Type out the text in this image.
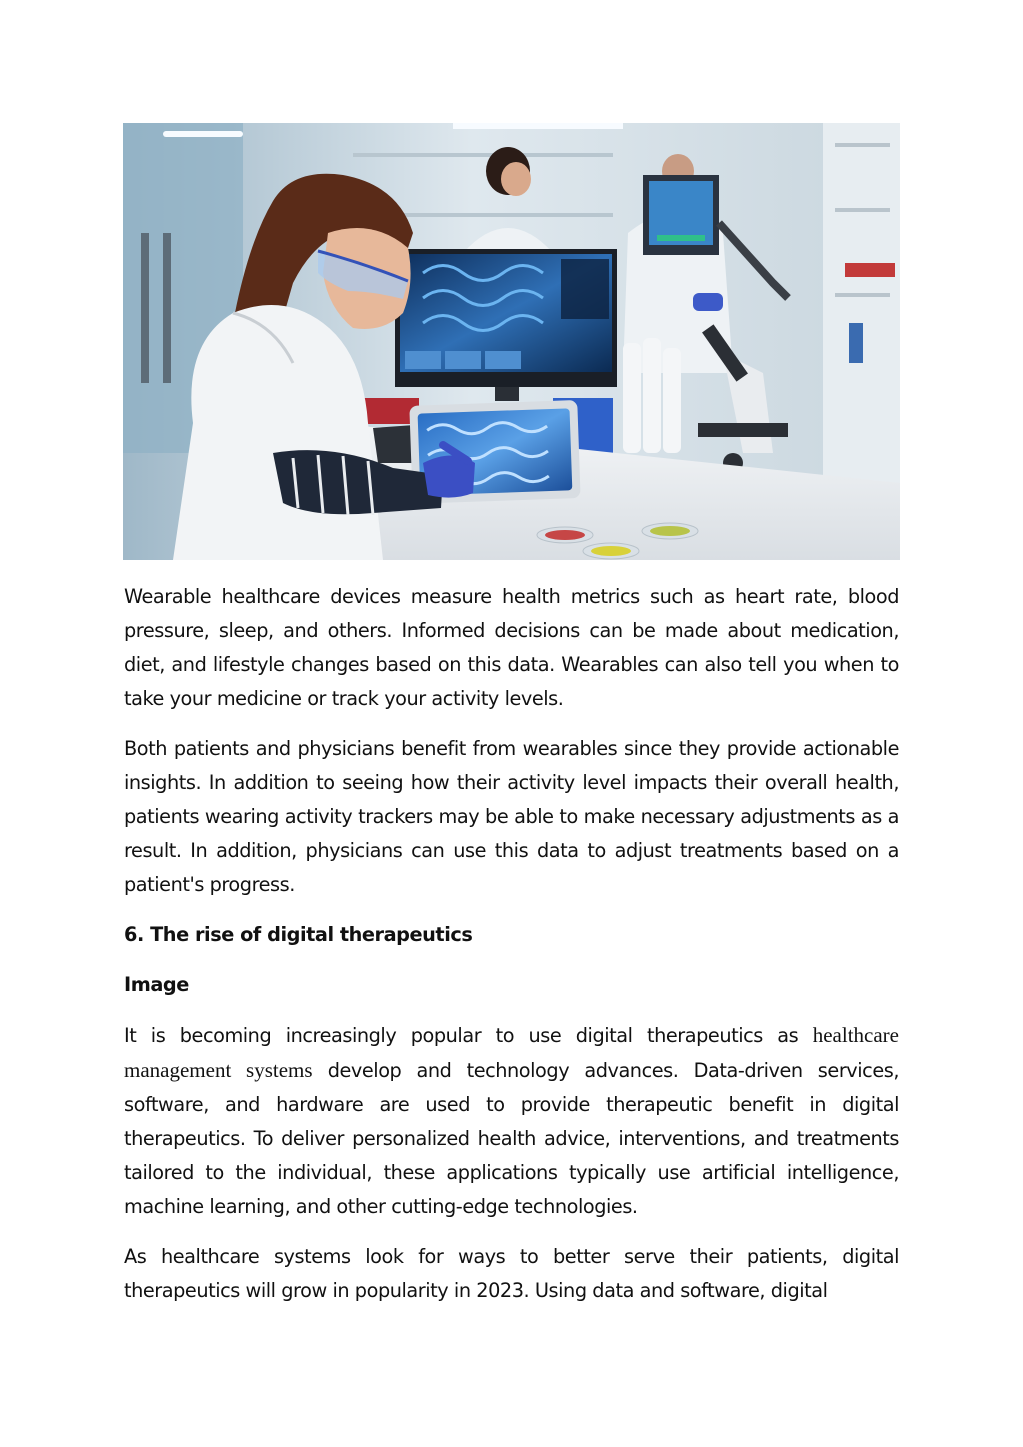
Wearable healthcare devices measure health metrics such as heart rate, blood pressure, sleep, and others. Informed decisions can be made about medication, diet, and lifestyle changes based on this data. Wearables can also tell you when to take your medicine or track your activity levels.

Both patients and physicians benefit from wearables since they provide actionable insights. In addition to seeing how their activity level impacts their overall health, patients wearing activity trackers may be able to make necessary adjustments as a result. In addition, physicians can use this data to adjust treatments based on a patient's progress.

6. The rise of digital therapeutics
Image

It is becoming increasingly popular to use digital therapeutics as healthcare management systems develop and technology advances. Data-driven services, software, and hardware are used to provide therapeutic benefit in digital therapeutics. To deliver personalized health advice, interventions, and treatments tailored to the individual, these applications typically use artificial intelligence, machine learning, and other cutting-edge technologies.

As healthcare systems look for ways to better serve their patients, digital therapeutics will grow in popularity in 2023. Using data and software, digital
